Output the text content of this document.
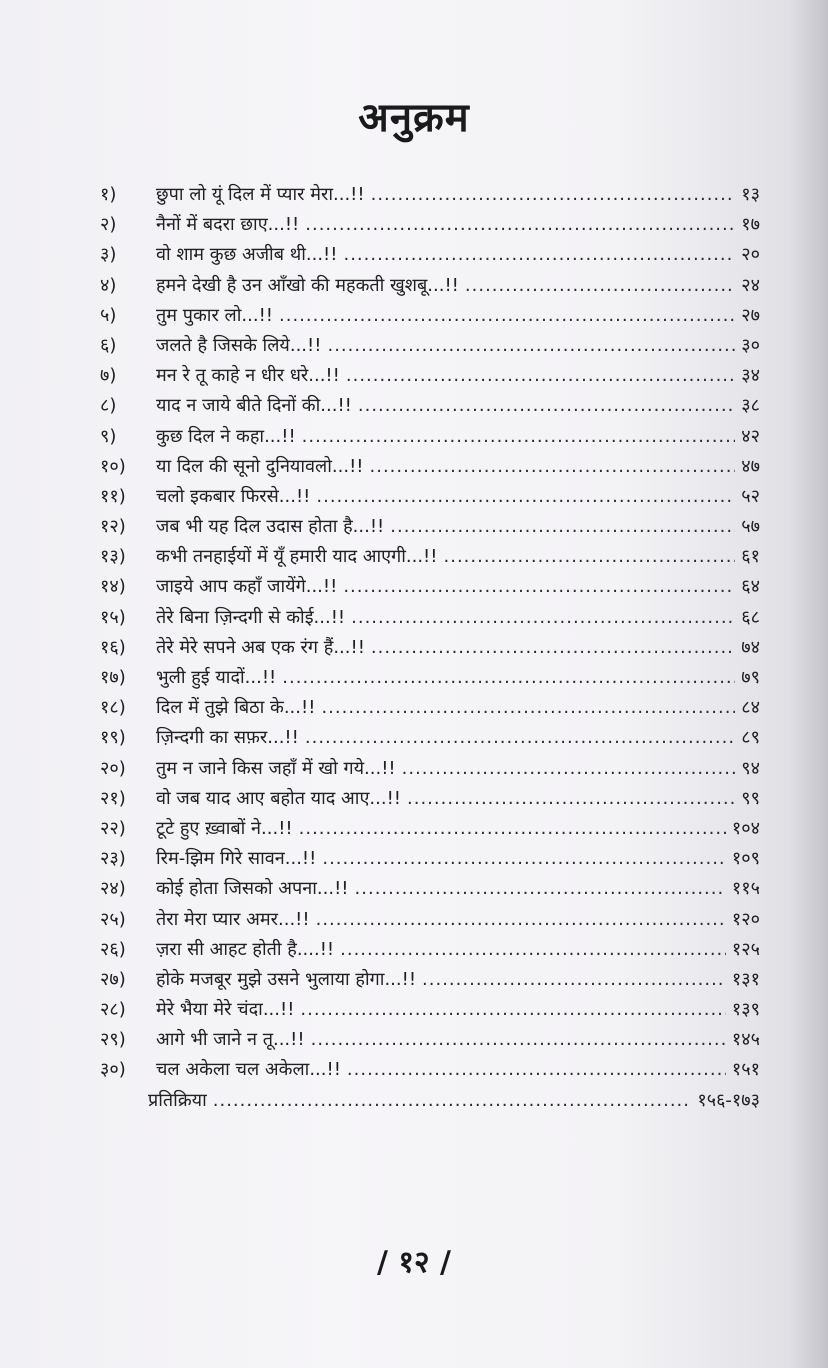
अनुक्रम
१)	छुपा लो यूं दिल में प्यार मेरा...!! .....	१३
२)	नैनों में बदरा छाए...!! .....	१७
३)	वो शाम कुछ अजीब थी...!! .....	२०
४)	हमने देखी है उन आँखो की महकती खुशबू...!! .....	२४
५)	तुम पुकार लो...!! .....	२७
६)	जलते है जिसके लिये...!! .....	३०
७)	मन रे तू काहे न धीर धरे...!! .....	३४
८)	याद न जाये बीते दिनों की...!! .....	३८
९)	कुछ दिल ने कहा...!! .....	४२
१०)	या दिल की सूनो दुनियावलो...!! .....	४७
११)	चलो इकबार फिरसे...!! .....	५२
१२)	जब भी यह दिल उदास होता है...!! .....	५७
१३)	कभी तनहाईयों में यूँ हमारी याद आएगी...!! .....	६१
१४)	जाइये आप कहाँ जायेंगे...!! .....	६४
१५)	तेरे बिना ज़िन्दगी से कोई...!! .....	६८
१६)	तेरे मेरे सपने अब एक रंग हैं...!! .....	७४
१७)	भुली हुई यादों...!! .....	७९
१८)	दिल में तुझे बिठा के...!! .....	८४
१९)	ज़िन्दगी का सफ़र...!! .....	८९
२०)	तुम न जाने किस जहाँ में खो गये...!! .....	९४
२१)	वो जब याद आए बहोत याद आए...!! .....	९९
२२)	टूटे हुए ख़्वाबों ने...!! .....	१०४
२३)	रिम-झिम गिरे सावन...!! .....	१०९
२४)	कोई होता जिसको अपना...!! .....	११५
२५)	तेरा मेरा प्यार अमर...!! .....	१२०
२६)	ज़रा सी आहट होती है....!! .....	१२५
२७)	होके मजबूर मुझे उसने भुलाया होगा...!! .....	१३१
२८)	मेरे भैया मेरे चंदा...!! .....	१३९
२९)	आगे भी जाने न तू...!! .....	१४५
३०)	चल अकेला चल अकेला...!! .....	१५१
प्रतिक्रिया .....	१५६-१७३
/ १२ /
